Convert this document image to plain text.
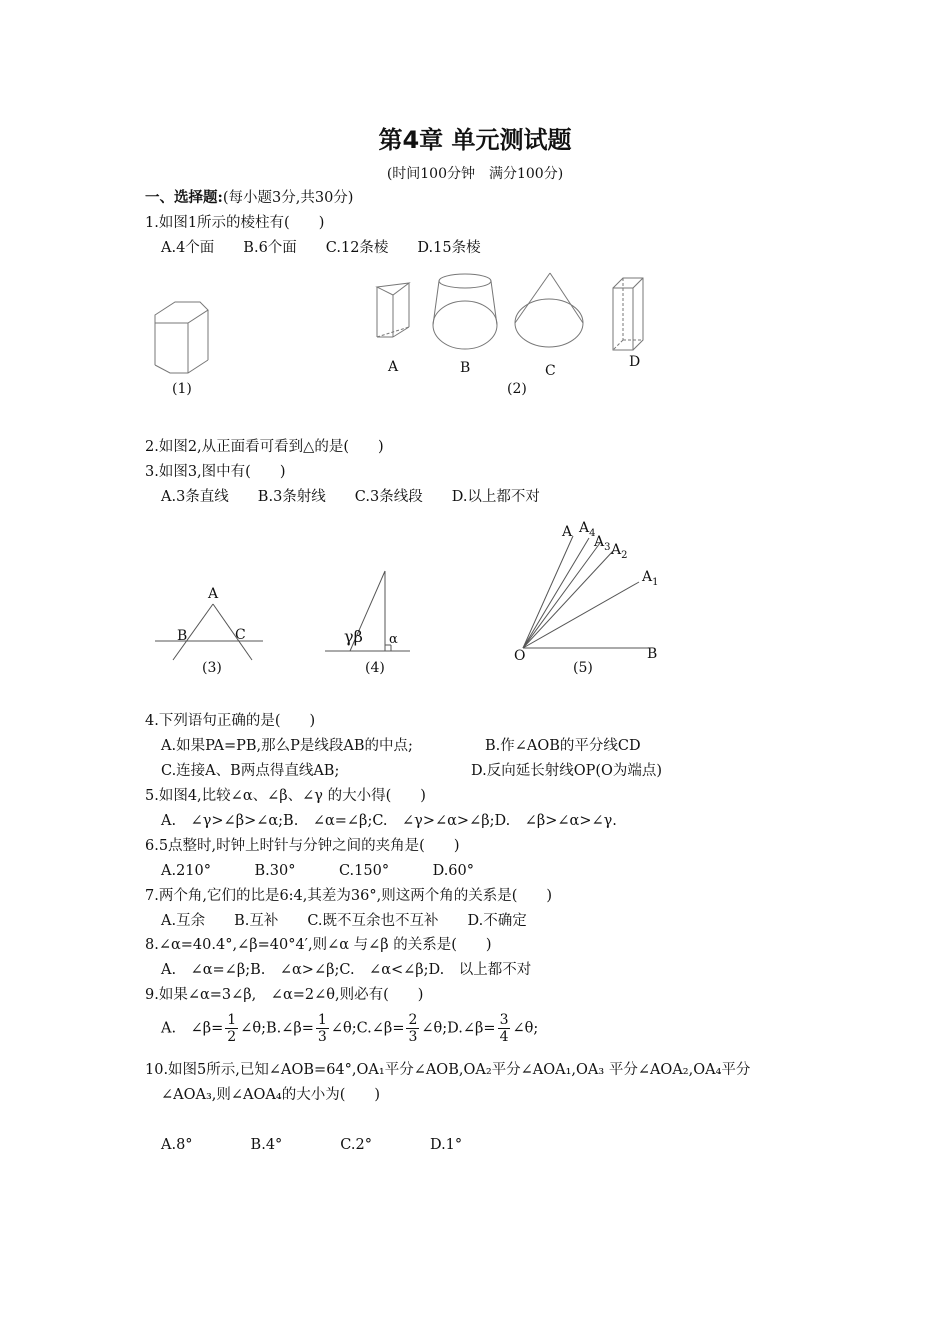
第4章 单元测试题
(时间100分钟　满分100分)
一、选择题:(每小题3分,共30分)
1.如图1所示的棱柱有(　　)
A.4个面　　B.6个面　　C.12条棱　　D.15条棱
(1)
A	B	C
D
(2)
2.如图2,从正面看可看到△的是(　　)
3.如图3,图中有(　　)
A.3条直线　　B.3条射线　　C.3条线段　　D.以上都不对
A
B	C
(3)
γβ α
(4)
A $A_4$
$A_3$ $A_2$
$A_1$
O	B
(5)
4.下列语句正确的是(　　)
A.如果PA=PB,那么P是线段AB的中点;	B.作∠AOB的平分线CD
C.连接A、B两点得直线AB;	D.反向延长射线OP(O为端点)
5.如图4,比较∠α、∠β、∠γ 的大小得(　　)
A.　∠γ>∠β>∠α;B.　∠α=∠β;C.　∠γ>∠α>∠β;D.　∠β>∠α>∠γ.
6.5点整时,时钟上时针与分钟之间的夹角是(　　)
A.210°　　　B.30°　　　C.150°　　　D.60°
7.两个角,它们的比是6:4,其差为36°,则这两个角的关系是(　　)
A.互余　　B.互补　　C.既不互余也不互补　　D.不确定
8.∠α=40.4°,∠β=40°4′,则∠α 与∠β 的关系是(　　)
A.　∠α=∠β;B.　∠α>∠β;C.　∠α<∠β;D.　以上都不对
9.如果∠α=3∠β,　∠α=2∠θ,则必有(　　)
A.　∠β= $\frac{1}{2}$ ∠θ;B.∠β= $\frac{1}{3}$ ∠θ;C.∠β= $\frac{2}{3}$ ∠θ;D.∠β= $\frac{3}{4}$ ∠θ;
10.如图5所示,已知∠AOB=64°,OA₁平分∠AOB,OA₂平分∠AOA₁,OA₃ 平分∠AOA₂,OA₄平分
∠AOA₃,则∠AOA₄的大小为(　　)
A.8°　　　　B.4°　　　　C.2°　　　　D.1°
